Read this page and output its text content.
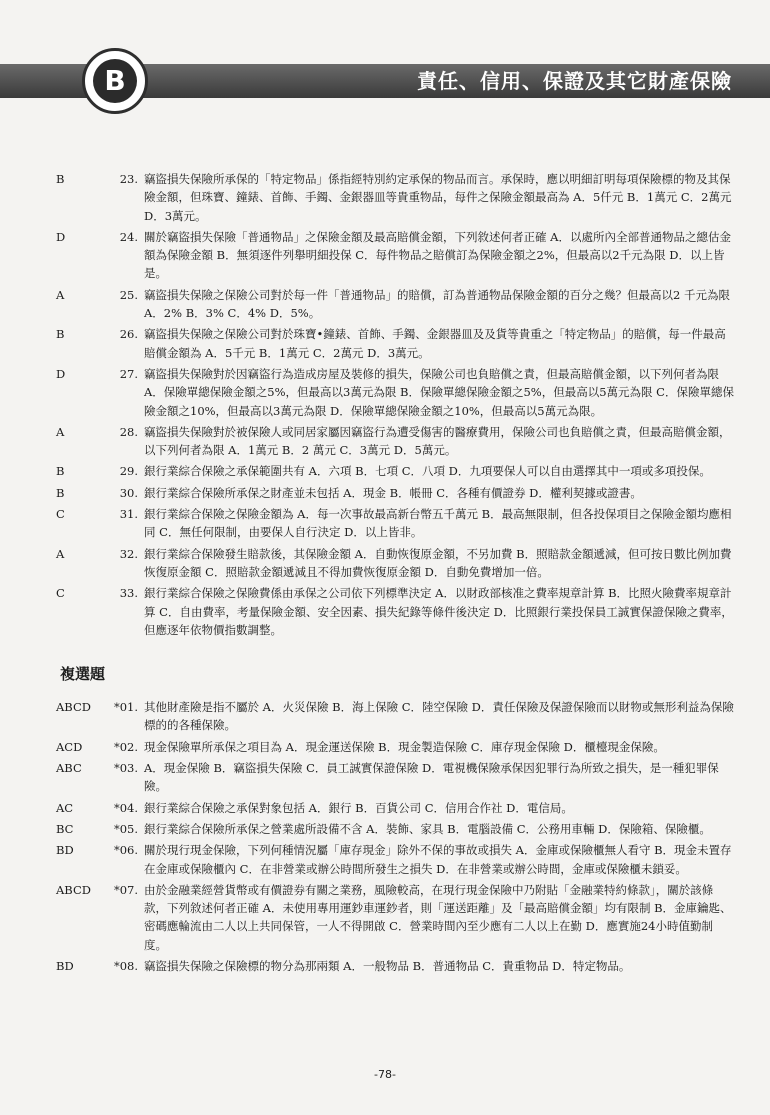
B	責任、信用、保證及其它財產保險
B	23. 竊盜損失保險所承保的「特定物品」係指經特別約定承保的物品而言。承保時，應以明細訂明每項保險標的物及其保險金額，但珠寶、鐘錶、首飾、手鐲、金銀器皿等貴重物品，每件之保險金額最高為 A．5仟元 B．1萬元 C．2萬元 D．3萬元。
D	24. 關於竊盜損失保險「普通物品」之保險金額及最高賠償金額，下列敘述何者正確 A．以處所內全部普通物品之總估金額為保險金額 B．無須逐件列舉明細投保 C．每件物品之賠償訂為保險金額之2%，但最高以2千元為限 D．以上皆是。
A	25. 竊盜損失保險之保險公司對於每一件「普通物品」的賠償，訂為普通物品保險金額的百分之幾？但最高以2 千元為限 A．2% B．3% C．4% D．5%。
B	26. 竊盜損失保險之保險公司對於珠寶•鐘錶、首飾、手鐲、金銀器皿及及貨等貴重之「特定物品」的賠償，每一件最高賠償金額為 A．5千元 B．1萬元 C．2萬元 D．3萬元。
D	27. 竊盜損失保險對於因竊盜行為造成房屋及裝修的損失，保險公司也負賠償之責，但最高賠償金額，以下列何者為限 A．保險單總保險金額之5%，但最高以3萬元為限 B．保險單總保險金額之5%，但最高以5萬元為限 C．保險單總保險金額之10%，但最高以3萬元為限 D．保險單總保險金額之10%，但最高以5萬元為限。
A	28. 竊盜損失保險對於被保險人或同居家屬因竊盜行為遭受傷害的醫療費用，保險公司也負賠償之責，但最高賠償金額，以下列何者為限 A．1萬元 B．2 萬元 C．3萬元 D．5萬元。
B	29. 銀行業綜合保險之承保範圍共有 A．六項 B．七項 C．八項 D．九項要保人可以自由選擇其中一項或多項投保。
B	30. 銀行業綜合保險所承保之財產並未包括 A．現金 B．帳冊 C．各種有價證券 D．權利契據或證書。
C	31. 銀行業綜合保險之保險金額為 A．每一次事故最高新台幣五千萬元 B．最高無限制，但各投保項目之保險金額均應相同 C．無任何限制，由要保人自行決定 D．以上皆非。
A	32. 銀行業綜合保險發生賠款後，其保險金額 A．自動恢復原金額，不另加費 B．照賠款金額遞減，但可按日數比例加費恢復原金額 C．照賠款金額遞減且不得加費恢復原金額 D．自動免費增加一倍。
C	33. 銀行業綜合保險之保險費係由承保之公司依下列標準決定 A．以財政部核准之費率規章計算 B．比照火險費率規章計算 C．自由費率，考量保險金額、安全因素、損失紀錄等條件後決定 D．比照銀行業投保員工誠實保證保險之費率，但應逐年依物價指數調整。
複選題
ABCD	*01. 其他財產險是指不屬於 A．火災保險 B．海上保險 C．陸空保險 D．責任保險及保證保險而以財物或無形利益為保險標的的各種保險。
ACD	*02. 現金保險單所承保之項目為 A．現金運送保險 B．現金製造保險 C．庫存現金保險 D．櫃檯現金保險。
ABC	*03. A．現金保險 B．竊盜損失保險 C．員工誠實保證保險 D．電視機保險承保因犯罪行為所致之損失，是一種犯罪保險。
AC	*04. 銀行業綜合保險之承保對象包括 A．銀行 B．百貨公司 C．信用合作社 D．電信局。
BC	*05. 銀行業綜合保險所承保之營業處所設備不含 A．裝飾、家具 B．電腦設備 C．公務用車輛 D．保險箱、保險櫃。
BD	*06. 關於現行現金保險，下列何種情況屬「庫存現金」除外不保的事故或損失 A．金庫或保險櫃無人看守 B．現金未置存在金庫或保險櫃內 C．在非營業或辦公時間所發生之損失 D．在非營業或辦公時間，金庫或保險櫃未鎖妥。
ABCD	*07. 由於金融業經營貨幣或有價證券有關之業務，風險較高，在現行現金保險中乃附貼「金融業特約條款」，關於該條款，下列敘述何者正確 A．未使用專用運鈔車運鈔者，則「運送距離」及「最高賠償金額」均有限制 B．金庫鑰匙、密碼應輪流由二人以上共同保管，一人不得開啟 C．營業時間內至少應有二人以上在勤 D．應實施24小時值勤制度。
BD	*08. 竊盜損失保險之保險標的物分為那兩類 A．一般物品 B．普通物品 C．貴重物品 D．特定物品。
-78-
